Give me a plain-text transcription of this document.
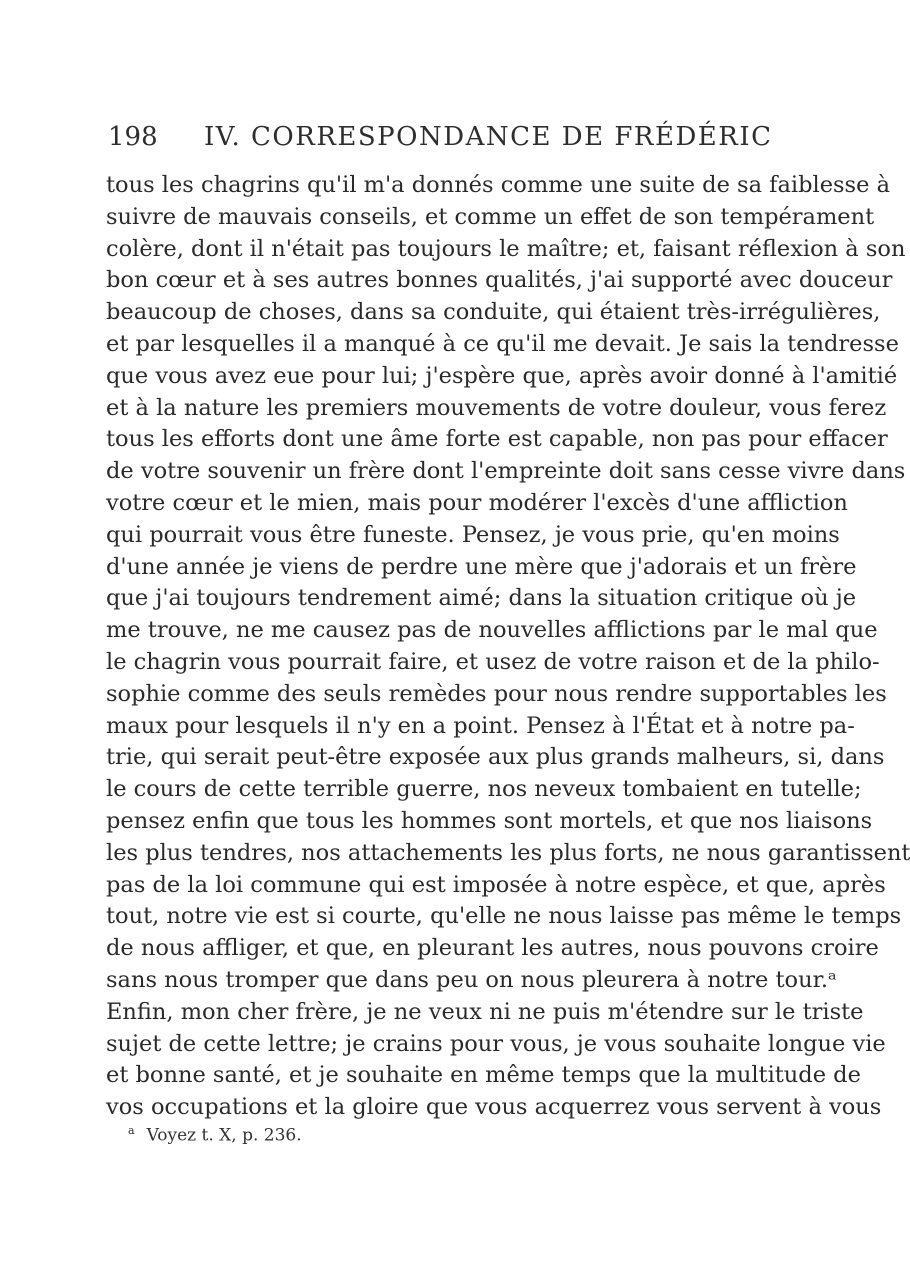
198 IV. CORRESPONDANCE DE FRÉDÉRIC
tous les chagrins qu'il m'a donnés comme une suite de sa faiblesse à
suivre de mauvais conseils, et comme un effet de son tempérament
colère, dont il n'était pas toujours le maître; et, faisant réflexion à son
bon cœur et à ses autres bonnes qualités, j'ai supporté avec douceur
beaucoup de choses, dans sa conduite, qui étaient très-irrégulières,
et par lesquelles il a manqué à ce qu'il me devait. Je sais la tendresse
que vous avez eue pour lui; j'espère que, après avoir donné à l'amitié
et à la nature les premiers mouvements de votre douleur, vous ferez
tous les efforts dont une âme forte est capable, non pas pour effacer
de votre souvenir un frère dont l'empreinte doit sans cesse vivre dans
votre cœur et le mien, mais pour modérer l'excès d'une affliction
qui pourrait vous être funeste. Pensez, je vous prie, qu'en moins
d'une année je viens de perdre une mère que j'adorais et un frère
que j'ai toujours tendrement aimé; dans la situation critique où je
me trouve, ne me causez pas de nouvelles afflictions par le mal que
le chagrin vous pourrait faire, et usez de votre raison et de la philo-
sophie comme des seuls remèdes pour nous rendre supportables les
maux pour lesquels il n'y en a point. Pensez à l'État et à notre pa-
trie, qui serait peut-être exposée aux plus grands malheurs, si, dans
le cours de cette terrible guerre, nos neveux tombaient en tutelle;
pensez enfin que tous les hommes sont mortels, et que nos liaisons
les plus tendres, nos attachements les plus forts, ne nous garantissent
pas de la loi commune qui est imposée à notre espèce, et que, après
tout, notre vie est si courte, qu'elle ne nous laisse pas même le temps
de nous affliger, et que, en pleurant les autres, nous pouvons croire
sans nous tromper que dans peu on nous pleurera à notre tour.ᵃ
Enfin, mon cher frère, je ne veux ni ne puis m'étendre sur le triste
sujet de cette lettre; je crains pour vous, je vous souhaite longue vie
et bonne santé, et je souhaite en même temps que la multitude de
vos occupations et la gloire que vous acquerrez vous servent à vous
$^a$ Voyez t. X, p. 236.
